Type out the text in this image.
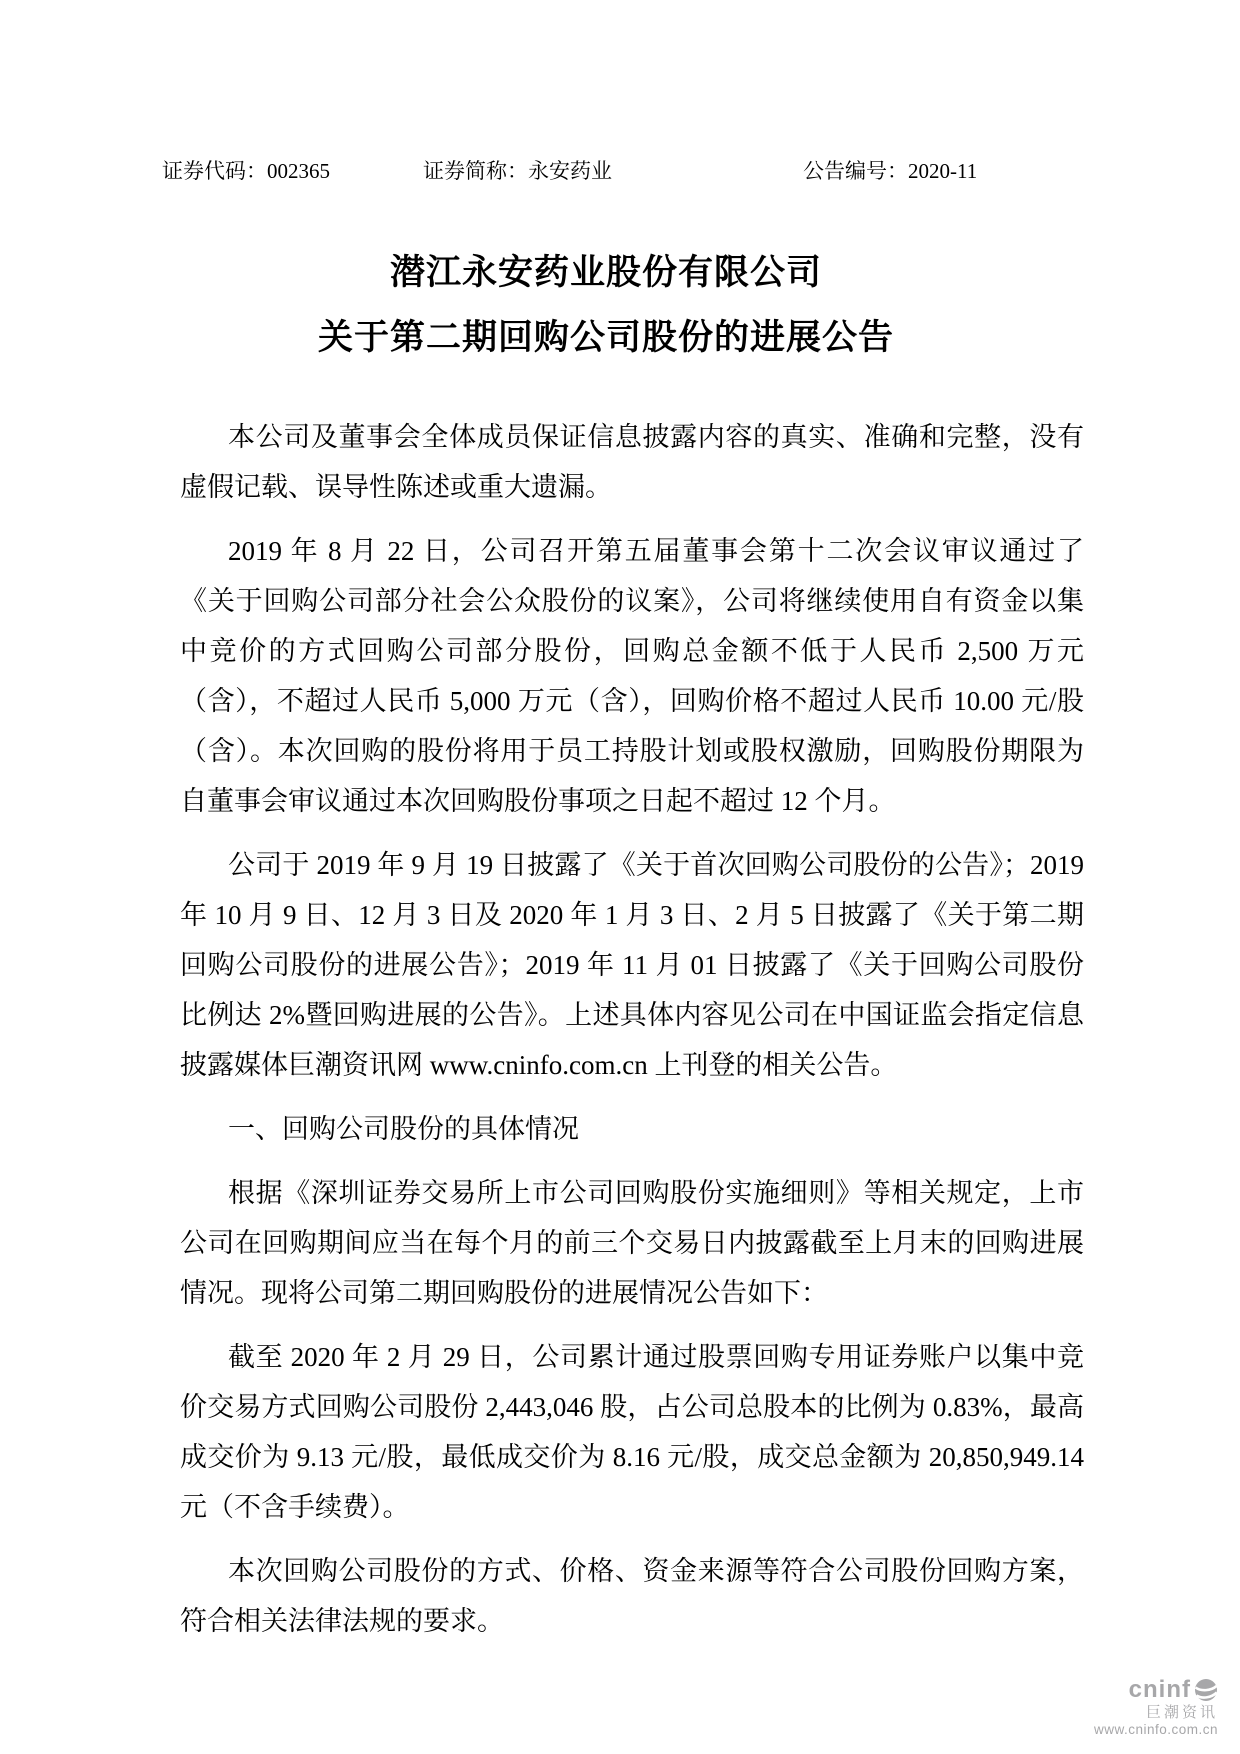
证券代码：002365	证券简称：永安药业	公告编号：2020-11
潜江永安药业股份有限公司
关于第二期回购公司股份的进展公告

本公司及董事会全体成员保证信息披露内容的真实、准确和完整，没有虚假记载、误导性陈述或重大遗漏。

2019 年 8 月 22 日，公司召开第五届董事会第十二次会议审议通过了《关于回购公司部分社会公众股份的议案》，公司将继续使用自有资金以集中竞价的方式回购公司部分股份，回购总金额不低于人民币 2,500 万元（含），不超过人民币 5,000 万元（含），回购价格不超过人民币 10.00 元/股（含）。本次回购的股份将用于员工持股计划或股权激励，回购股份期限为自董事会审议通过本次回购股份事项之日起不超过 12 个月。

公司于 2019 年 9 月 19 日披露了《关于首次回购公司股份的公告》；2019 年 10 月 9 日、12 月 3 日及 2020 年 1 月 3 日、2 月 5 日披露了《关于第二期回购公司股份的进展公告》；2019 年 11 月 01 日披露了《关于回购公司股份比例达 2%暨回购进展的公告》。上述具体内容见公司在中国证监会指定信息披露媒体巨潮资讯网 www.cninfo.com.cn 上刊登的相关公告。

一、回购公司股份的具体情况

根据《深圳证券交易所上市公司回购股份实施细则》等相关规定，上市公司在回购期间应当在每个月的前三个交易日内披露截至上月末的回购进展情况。现将公司第二期回购股份的进展情况公告如下：

截至 2020 年 2 月 29 日，公司累计通过股票回购专用证券账户以集中竞价交易方式回购公司股份 2,443,046 股，占公司总股本的比例为 0.83%，最高成交价为 9.13 元/股，最低成交价为 8.16 元/股，成交总金额为 20,850,949.14 元（不含手续费）。

本次回购公司股份的方式、价格、资金来源等符合公司股份回购方案，符合相关法律法规的要求。

cninf
巨潮资讯
www.cninfo.com.cn
